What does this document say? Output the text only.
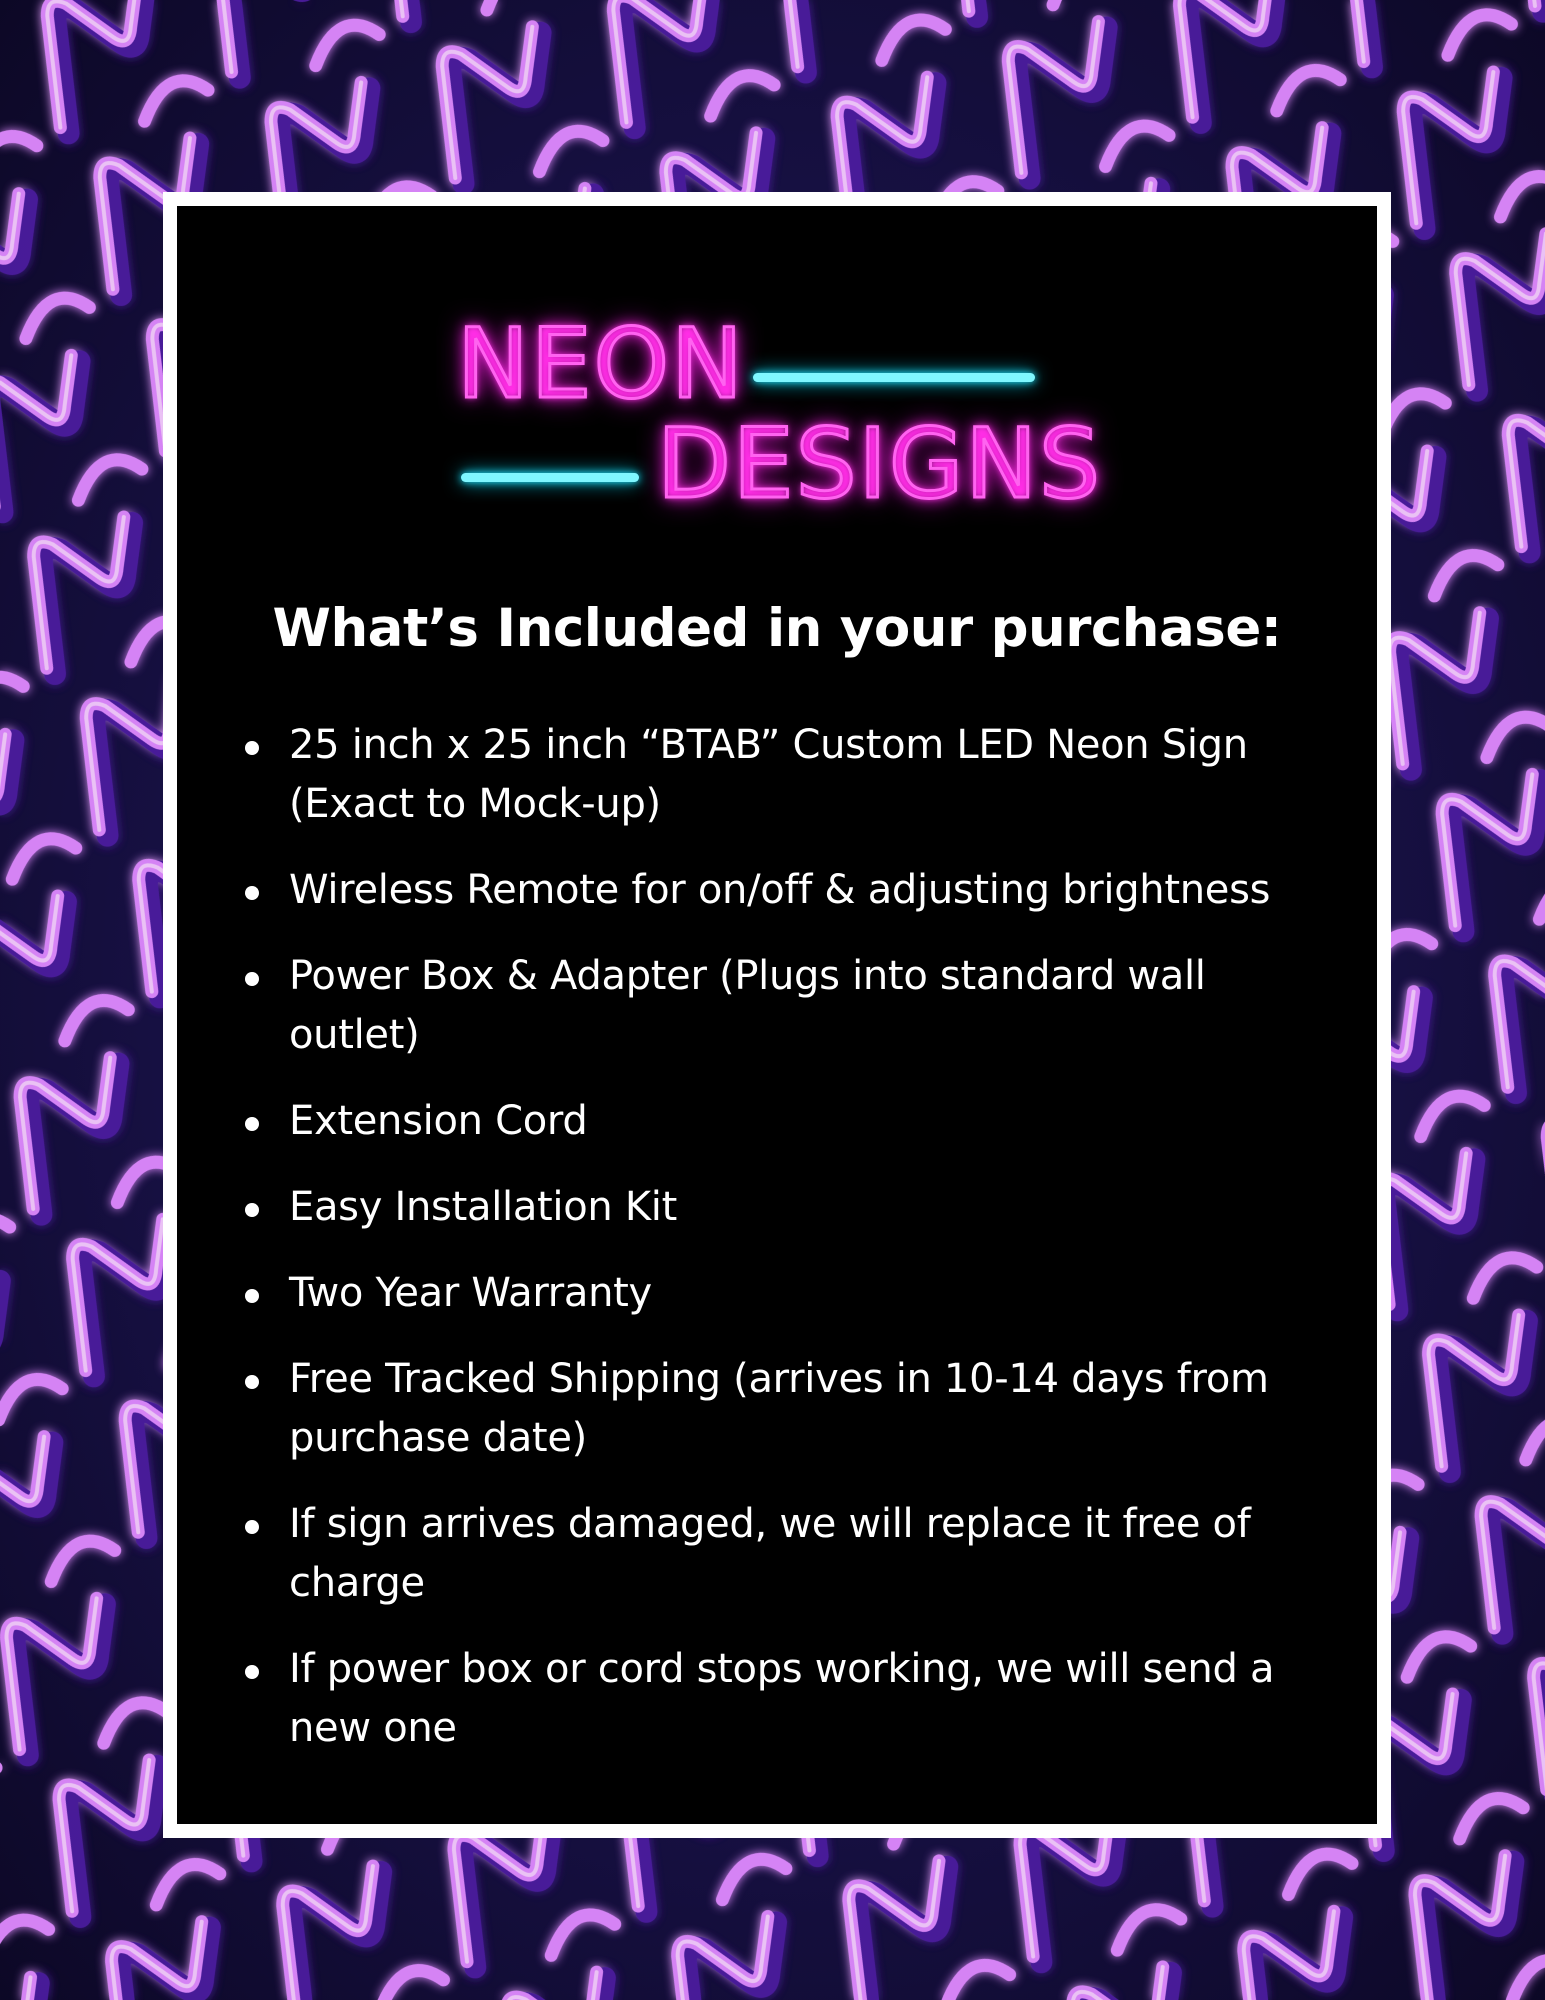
NEON
DESIGNS
What’s Included in your purchase:
25 inch x 25 inch “BTAB” Custom LED Neon Sign (Exact to Mock-up)
Wireless Remote for on/off & adjusting brightness
Power Box & Adapter (Plugs into standard wall outlet)
Extension Cord
Easy Installation Kit
Two Year Warranty
Free Tracked Shipping (arrives in 10-14 days from purchase date)
If sign arrives damaged, we will replace it free of charge
If power box or cord stops working, we will send a new one
